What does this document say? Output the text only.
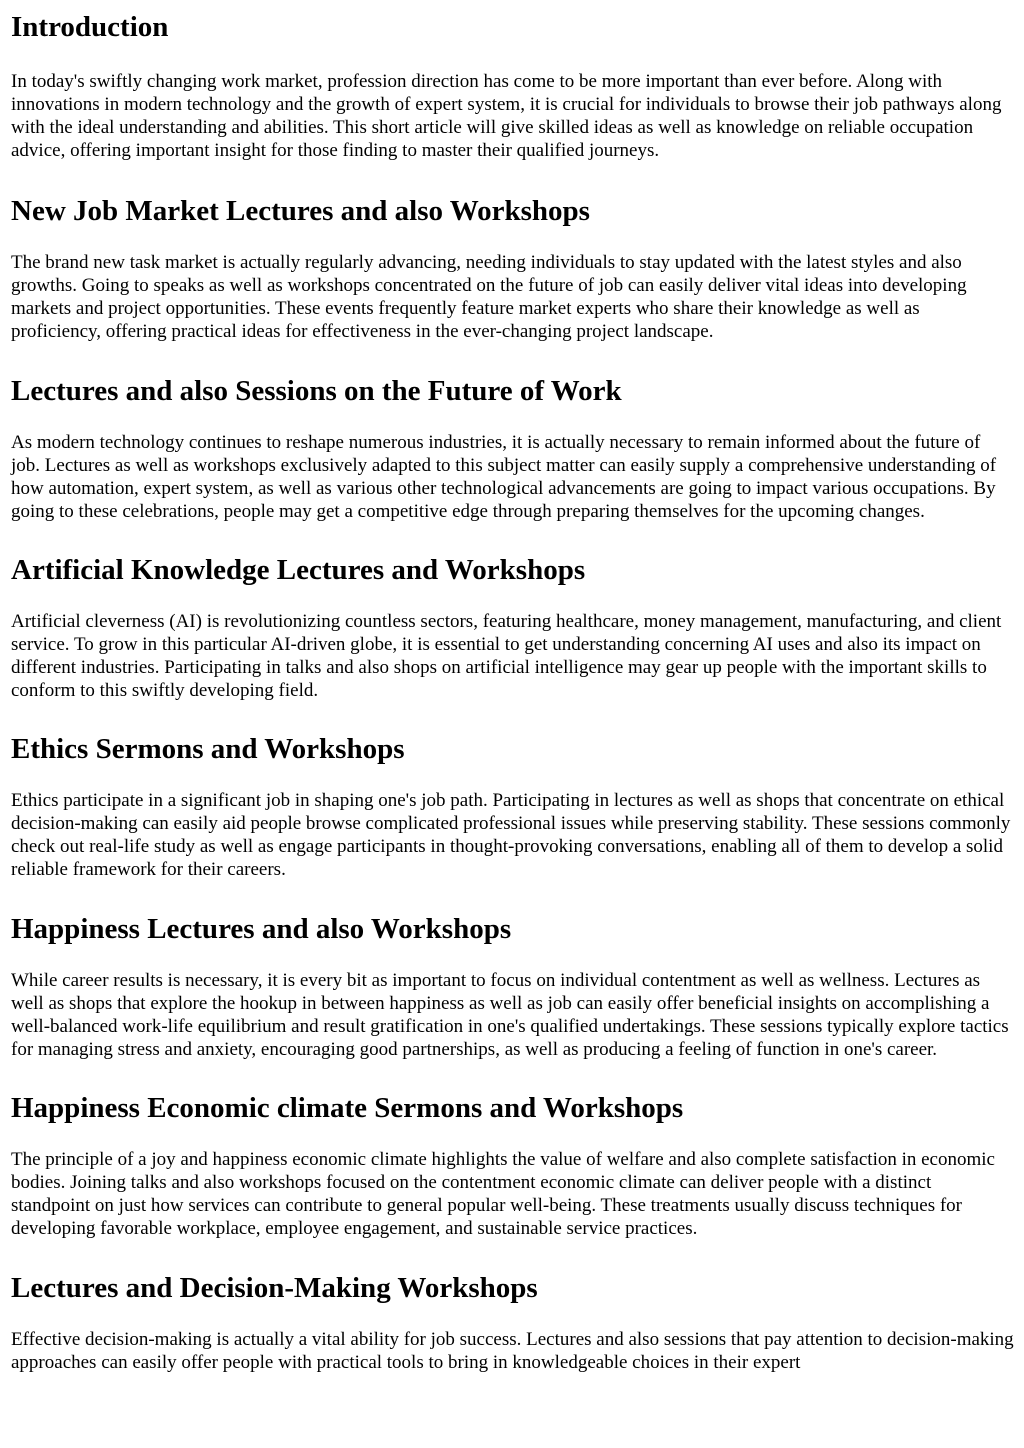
Introduction

In today's swiftly changing work market, profession direction has come to be more important than ever before. Along with innovations in modern technology and the growth of expert system, it is crucial for individuals to browse their job pathways along with the ideal understanding and abilities. This short article will give skilled ideas as well as knowledge on reliable occupation advice, offering important insight for those finding to master their qualified journeys.

New Job Market Lectures and also Workshops

The brand new task market is actually regularly advancing, needing individuals to stay updated with the latest styles and also growths. Going to speaks as well as workshops concentrated on the future of job can easily deliver vital ideas into developing markets and project opportunities. These events frequently feature market experts who share their knowledge as well as proficiency, offering practical ideas for effectiveness in the ever-changing project landscape.

Lectures and also Sessions on the Future of Work

As modern technology continues to reshape numerous industries, it is actually necessary to remain informed about the future of job. Lectures as well as workshops exclusively adapted to this subject matter can easily supply a comprehensive understanding of how automation, expert system, as well as various other technological advancements are going to impact various occupations. By going to these celebrations, people may get a competitive edge through preparing themselves for the upcoming changes.

Artificial Knowledge Lectures and Workshops

Artificial cleverness (AI) is revolutionizing countless sectors, featuring healthcare, money management, manufacturing, and client service. To grow in this particular AI-driven globe, it is essential to get understanding concerning AI uses and also its impact on different industries. Participating in talks and also shops on artificial intelligence may gear up people with the important skills to conform to this swiftly developing field.

Ethics Sermons and Workshops

Ethics participate in a significant job in shaping one's job path. Participating in lectures as well as shops that concentrate on ethical decision-making can easily aid people browse complicated professional issues while preserving stability. These sessions commonly check out real-life study as well as engage participants in thought-provoking conversations, enabling all of them to develop a solid reliable framework for their careers.

Happiness Lectures and also Workshops

While career results is necessary, it is every bit as important to focus on individual contentment as well as wellness. Lectures as well as shops that explore the hookup in between happiness as well as job can easily offer beneficial insights on accomplishing a well-balanced work-life equilibrium and result gratification in one's qualified undertakings. These sessions typically explore tactics for managing stress and anxiety, encouraging good partnerships, as well as producing a feeling of function in one's career.

Happiness Economic climate Sermons and Workshops

The principle of a joy and happiness economic climate highlights the value of welfare and also complete satisfaction in economic bodies. Joining talks and also workshops focused on the contentment economic climate can deliver people with a distinct standpoint on just how services can contribute to general popular well-being. These treatments usually discuss techniques for developing favorable workplace, employee engagement, and sustainable service practices.

Lectures and Decision-Making Workshops

Effective decision-making is actually a vital ability for job success. Lectures and also sessions that pay attention to decision-making approaches can easily offer people with practical tools to bring in knowledgeable choices in their expert
